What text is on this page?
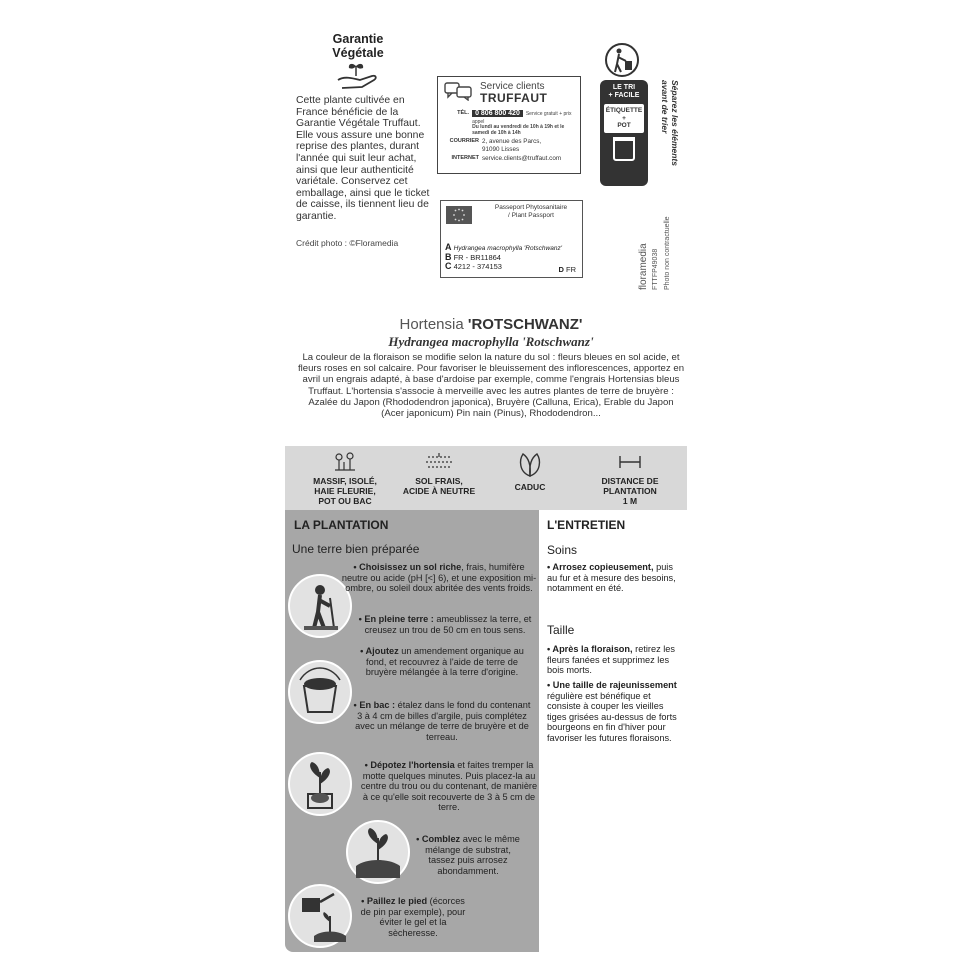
Garantie
Végétale
Cette plante cultivée en France bénéficie de la Garantie Végétale Truffaut. Elle vous assure une bonne reprise des plantes, durant l'année qui suit leur achat, ainsi que leur authenticité variétale. Conservez cet emballage, ainsi que le ticket de caisse, ils tiennent lieu de garantie.
Crédit photo : ©Floramedia
Service clients
TRUFFAUT
TÉL. 0 806 800 420 Service gratuit + prix appel
Du lundi au vendredi de 10h à 19h et le samedi de 10h à 14h
COURRIER 2, avenue des Parcs,
91090 Lisses
INTERNET service.clients@truffaut.com
LE TRI
+ FACILE
ÉTIQUETTE
+
POT	Séparez les éléments
avant de trier
Passeport Phytosanitaire
/ Plant Passport
A Hydrangea macrophylla 'Rotschwanz'
B FR - BR11864
C 4212 - 374153	D FR	floramedia FTTFP49038 Photo non contractuelle
Hortensia 'ROTSCHWANZ'
Hydrangea macrophylla 'Rotschwanz'
La couleur de la floraison se modifie selon la nature du sol : fleurs bleues en sol acide, et fleurs roses en sol calcaire. Pour favoriser le bleuissement des inflorescences, apportez en avril un engrais adapté, à base d'ardoise par exemple, comme l'engrais Hortensias bleus Truffaut. L'hortensia s'associe à merveille avec les autres plantes de terre de bruyère : Azalée du Japon (Rhododendron japonica), Bruyère (Calluna, Erica), Erable du Japon (Acer japonicum) Pin nain (Pinus), Rhododendron...
MASSIF, ISOLÉ,
HAIE FLEURIE,
POT OU BAC
SOL FRAIS,
ACIDE À NEUTRE	CADUC
DISTANCE DE
PLANTATION
1 M
LA PLANTATION
Une terre bien préparée
• Choisissez un sol riche, frais, humifère neutre ou acide (pH [<] 6), et une exposition mi-ombre, ou soleil doux abritée des vents froids.
• En pleine terre : ameublissez la terre, et creusez un trou de 50 cm en tous sens.
• Ajoutez un amendement organique au fond, et recouvrez à l'aide de terre de bruyère mélangée à la terre d'origine.
• En bac : étalez dans le fond du contenant 3 à 4 cm de billes d'argile, puis complétez avec un mélange de terre de bruyère et de terreau.
• Dépotez l'hortensia et faites tremper la motte quelques minutes. Puis placez-la au centre du trou ou du contenant, de manière à ce qu'elle soit recouverte de 3 à 5 cm de terre.
• Comblez avec le même mélange de substrat, tassez puis arrosez abondamment.
• Paillez le pied (écorces de pin par exemple), pour éviter le gel et la sècheresse.
L'ENTRETIEN
Soins
• Arrosez copieusement, puis au fur et à mesure des besoins, notamment en été.
Taille
• Après la floraison, retirez les fleurs fanées et supprimez les bois morts.
• Une taille de rajeunissement régulière est bénéfique et consiste à couper les vieilles tiges grisées au-dessus de forts bourgeons en fin d'hiver pour favoriser les futures floraisons.
